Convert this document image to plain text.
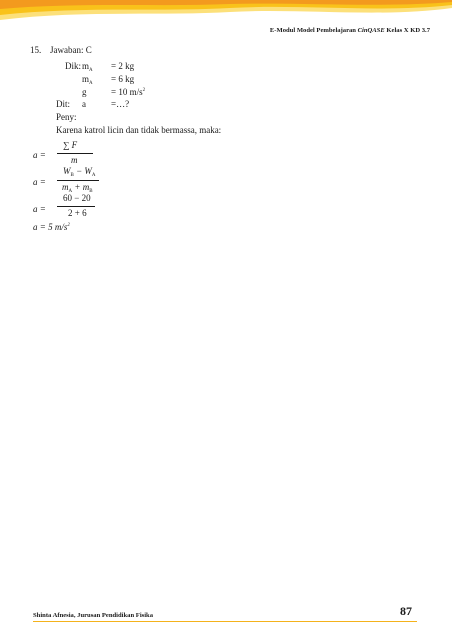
E-Modul Model Pembelajaran CinQASE Kelas X KD 3.7
15. Jawaban: C
Dik: $m_A = 2$ kg
$m_A = 6$ kg
g	= 10 $m/s^2$
Dit: a	=…?
Peny:
Karena katrol licin dan tidak bermassa, maka:
a =
∑ F
m
a =
$W_B - W_A$
$m_A + m_B$
a =
60 − 20
2 + 6
a = 5 $m/s^2$
Shinta Afnesia, Jurusan Pendidikan Fisika	87
